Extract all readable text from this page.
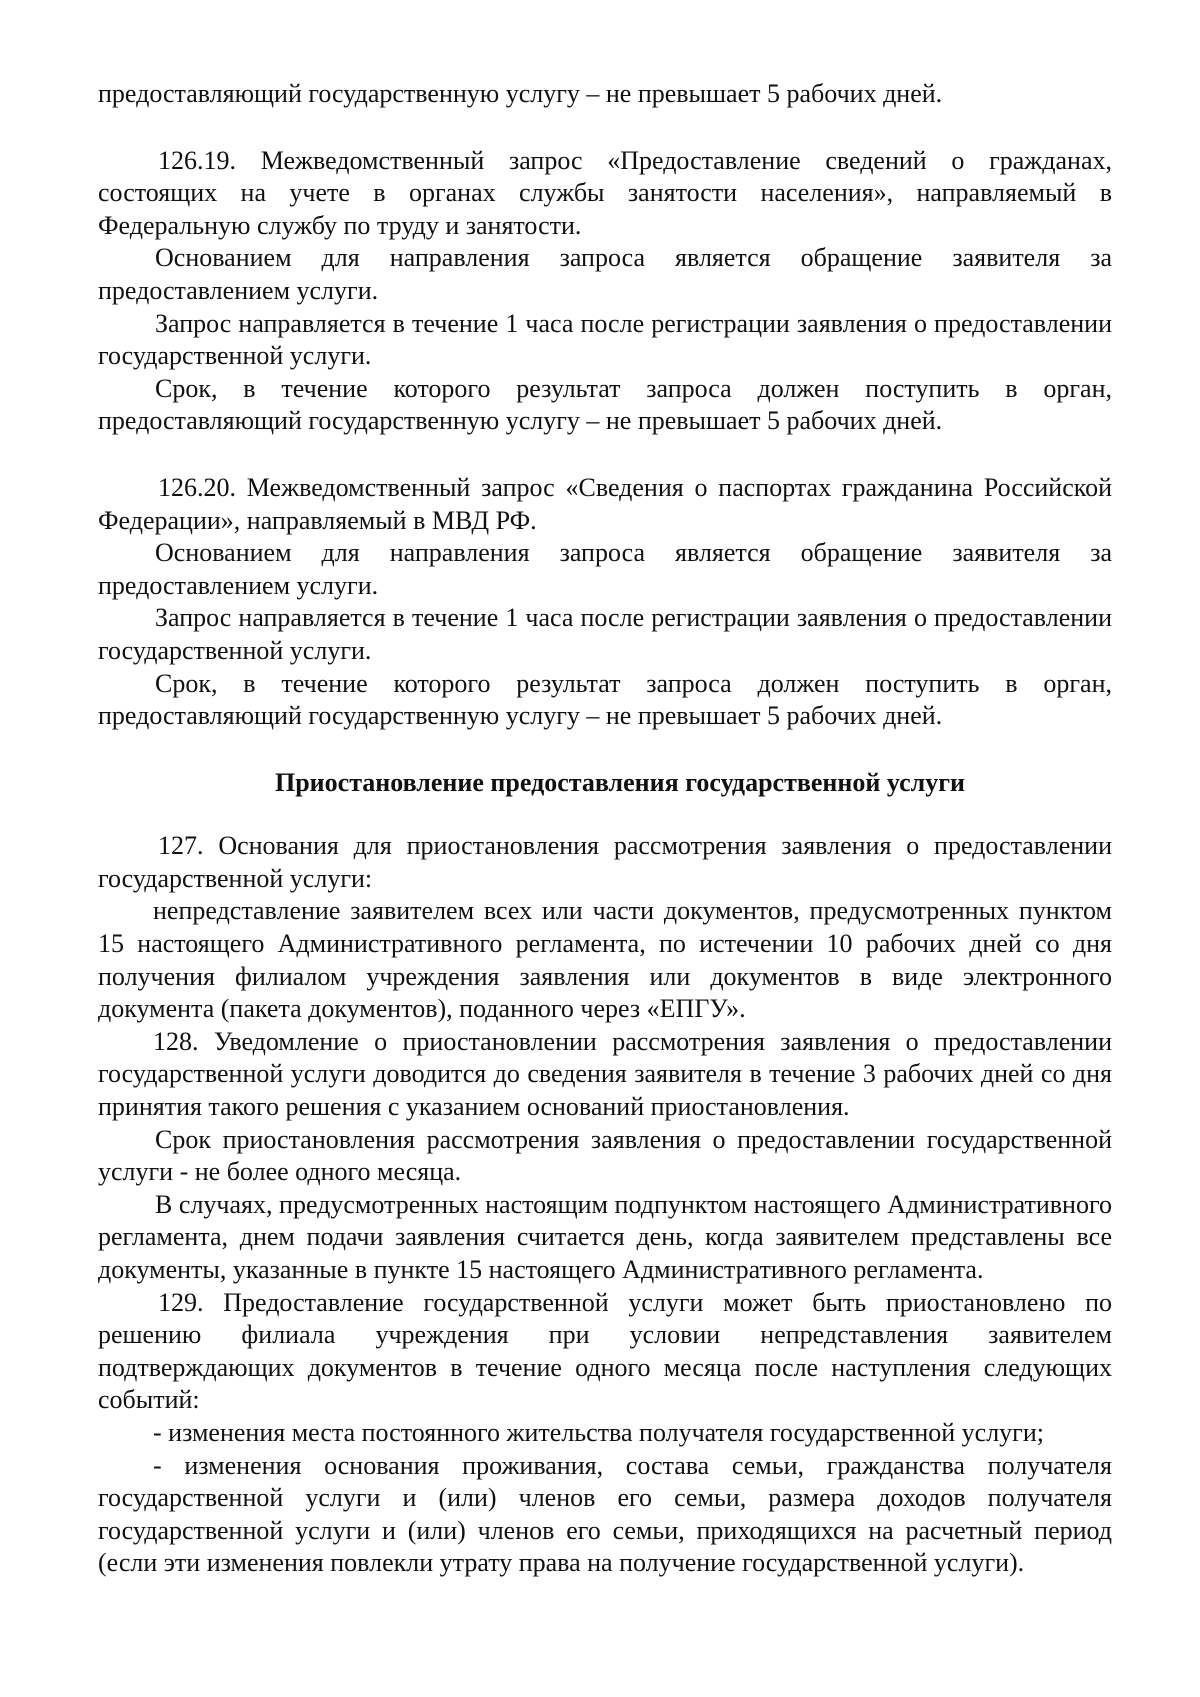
предоставляющий государственную услугу – не превышает 5 рабочих дней.

126.19. Межведомственный запрос «Предоставление сведений о гражданах, состоящих на учете в органах службы занятости населения», направляемый в Федеральную службу по труду и занятости.

Основанием для направления запроса является обращение заявителя за предоставлением услуги.

Запрос направляется в течение 1 часа после регистрации заявления о предоставлении государственной услуги.

Срок, в течение которого результат запроса должен поступить в орган, предоставляющий государственную услугу – не превышает 5 рабочих дней.

126.20. Межведомственный запрос «Сведения о паспортах гражданина Российской Федерации», направляемый в МВД РФ.

Основанием для направления запроса является обращение заявителя за предоставлением услуги.

Запрос направляется в течение 1 часа после регистрации заявления о предоставлении государственной услуги.

Срок, в течение которого результат запроса должен поступить в орган, предоставляющий государственную услугу – не превышает 5 рабочих дней.

Приостановление предоставления государственной услуги

127. Основания для приостановления рассмотрения заявления о предоставлении государственной услуги:

непредставление заявителем всех или части документов, предусмотренных пунктом 15 настоящего Административного регламента, по истечении 10 рабочих дней со дня получения филиалом учреждения заявления или документов в виде электронного документа (пакета документов), поданного через «ЕПГУ».

128. Уведомление о приостановлении рассмотрения заявления о предоставлении государственной услуги доводится до сведения заявителя в течение 3 рабочих дней со дня принятия такого решения с указанием оснований приостановления.

Срок приостановления рассмотрения заявления о предоставлении государственной услуги - не более одного месяца.

В случаях, предусмотренных настоящим подпунктом настоящего Административного регламента, днем подачи заявления считается день, когда заявителем представлены все документы, указанные в пункте 15 настоящего Административного регламента.

129. Предоставление государственной услуги может быть приостановлено по решению филиала учреждения при условии непредставления заявителем подтверждающих документов в течение одного месяца после наступления следующих событий:

- изменения места постоянного жительства получателя государственной услуги;

- изменения основания проживания, состава семьи, гражданства получателя государственной услуги и (или) членов его семьи, размера доходов получателя государственной услуги и (или) членов его семьи, приходящихся на расчетный период (если эти изменения повлекли утрату права на получение государственной услуги).
